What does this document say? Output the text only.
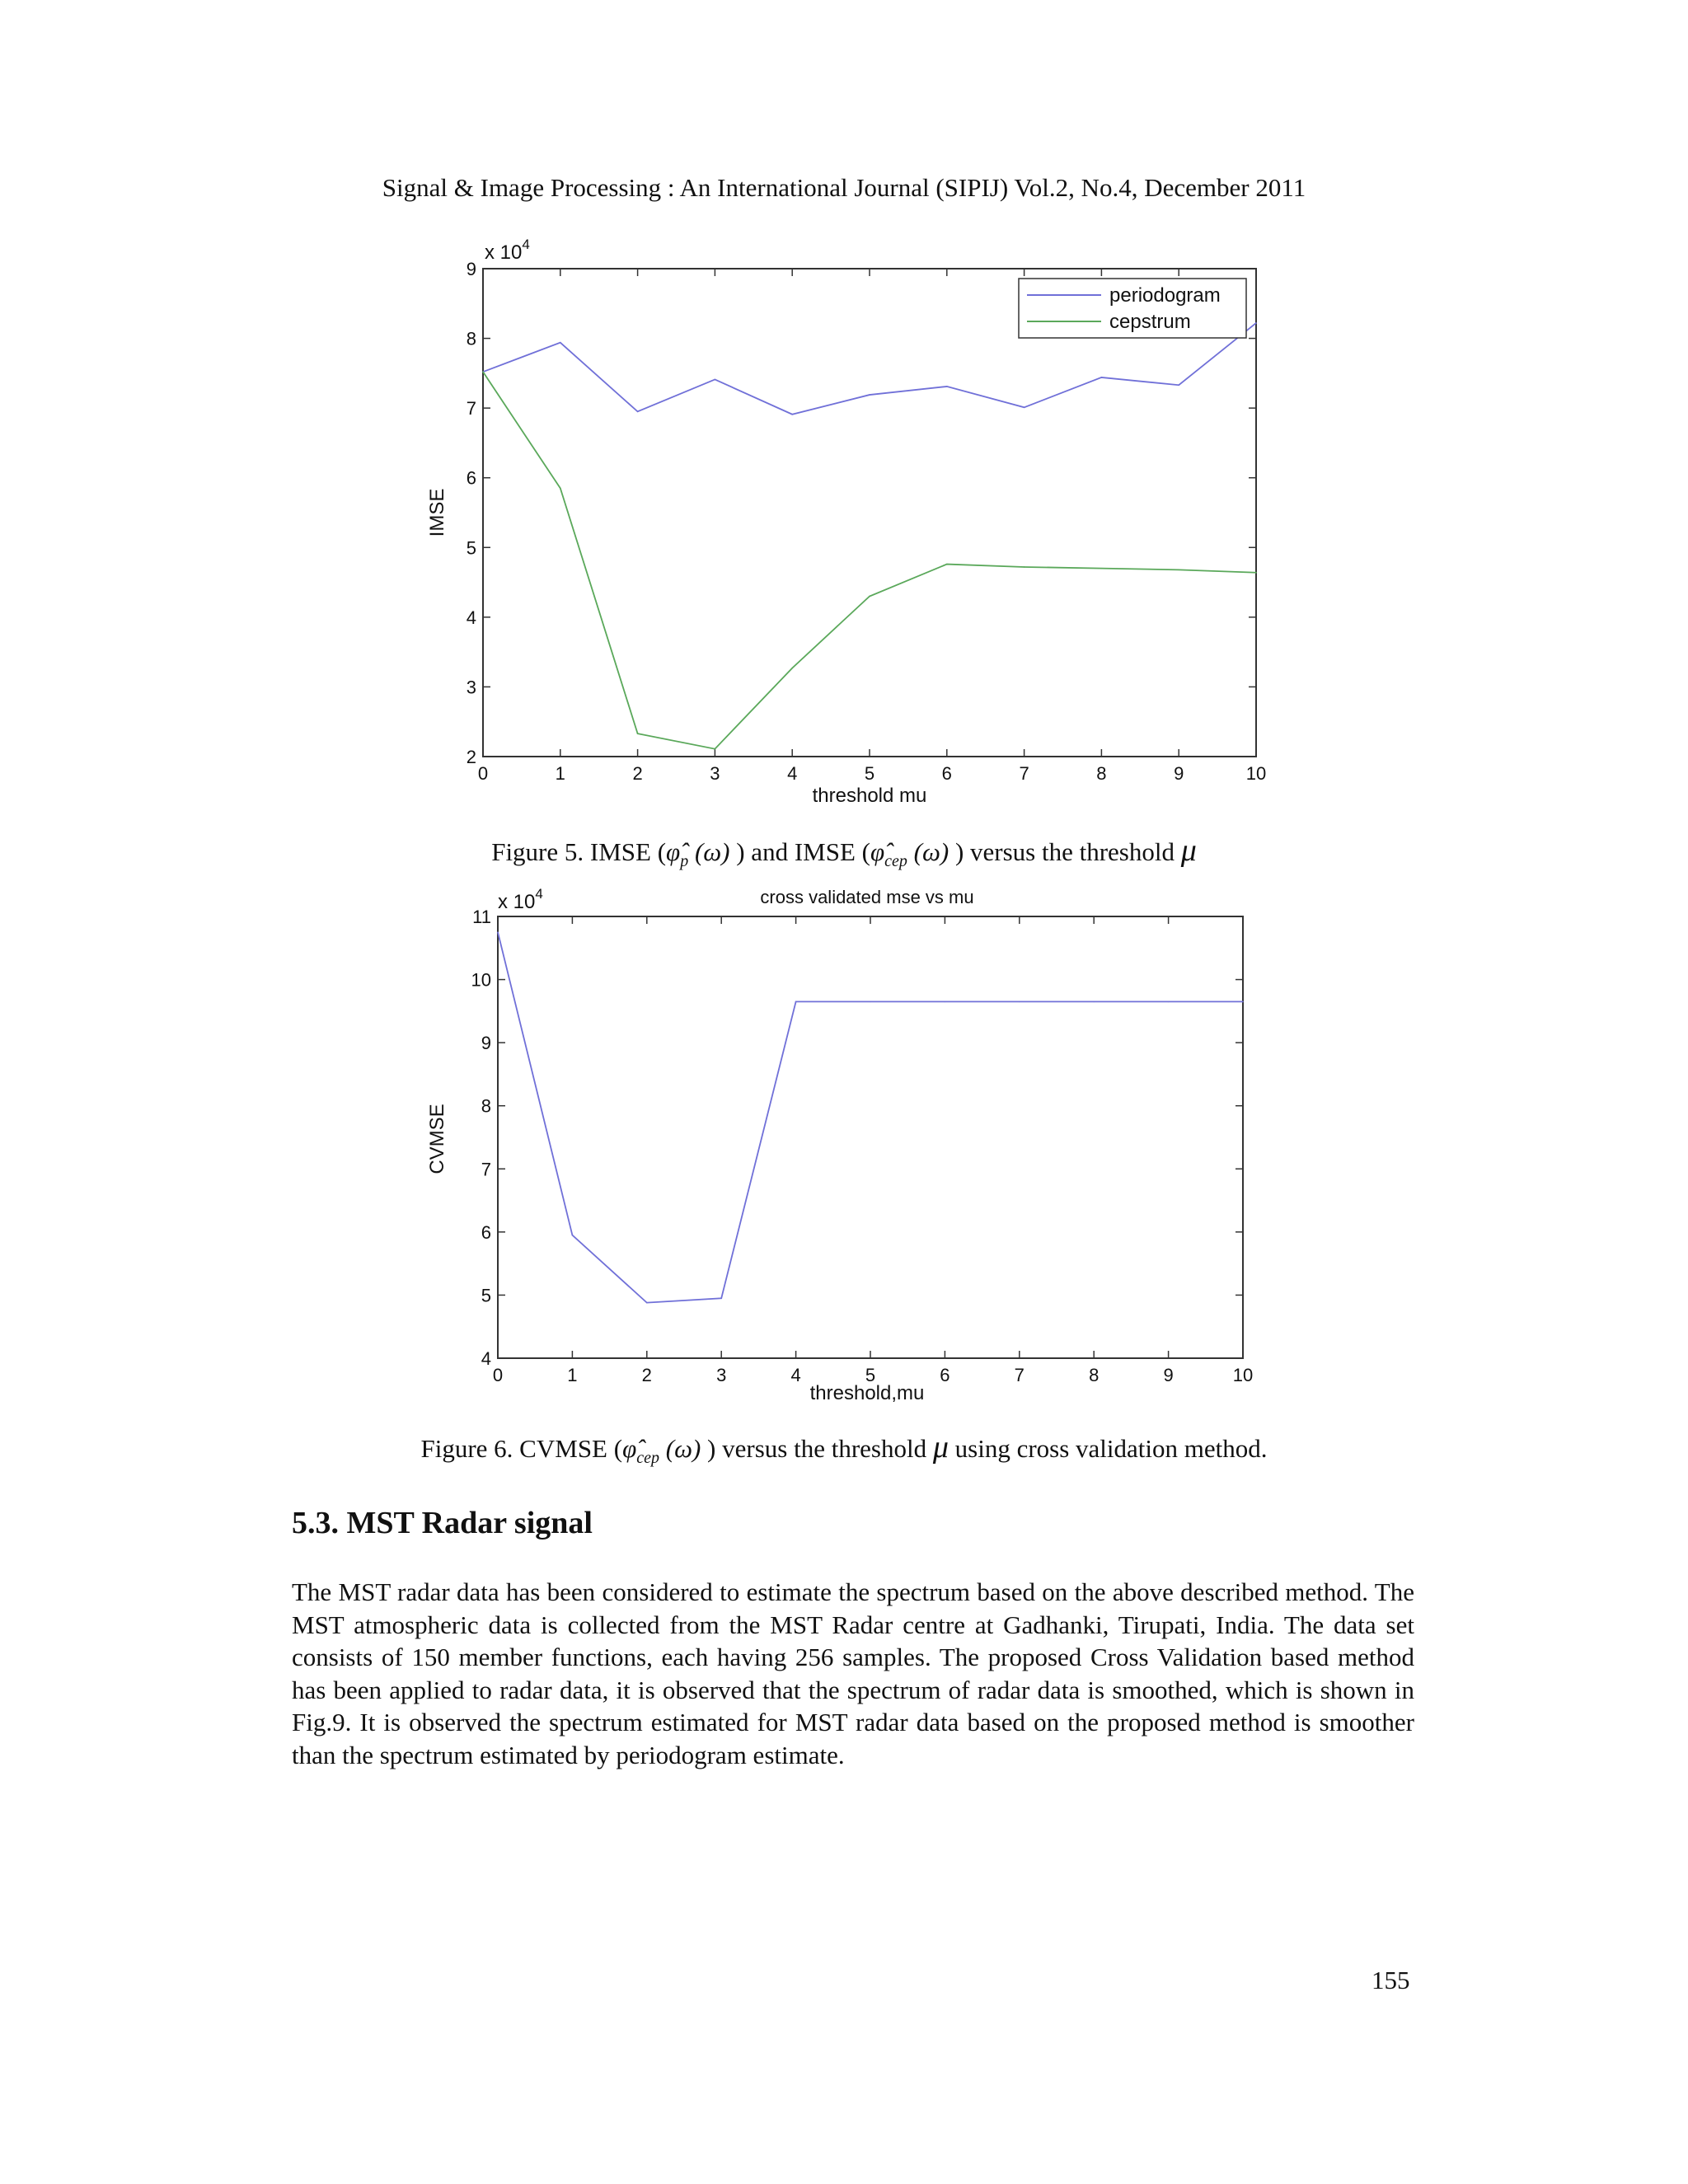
Signal & Image Processing : An International Journal (SIPIJ) Vol.2, No.4, December 2011
0	1	2	3	4	5	6	7	8	9	10
2
3
4
5
6
7
8
9
x $10^4$
threshold mu
IMSE
periodogram
cepstrum
Figure 5. IMSE ($\varphî_p$ (ω) ) and IMSE ($\varphî_{cep}$ (ω) ) versus the threshold μ
0	1	2	3	4	5	6	7	8	9	10
4
5
6
7
8
9
10
11
cross validated mse vs mu
x $10^4$
threshold,mu
CVMSE
Figure 6. CVMSE ($\varphî_{cep}$ (ω) ) versus the threshold μ using cross validation method.
5.3. MST Radar signal
The MST radar data has been considered to estimate the spectrum based on the above described method. The MST atmospheric data is collected from the MST Radar centre at Gadhanki, Tirupati, India. The data set consists of 150 member functions, each having 256 samples. The proposed Cross Validation based method has been applied to radar data, it is observed that the spectrum of radar data is smoothed, which is shown in Fig.9. It is observed the spectrum estimated for MST radar data based on the proposed method is smoother than the spectrum estimated by periodogram estimate.
155
